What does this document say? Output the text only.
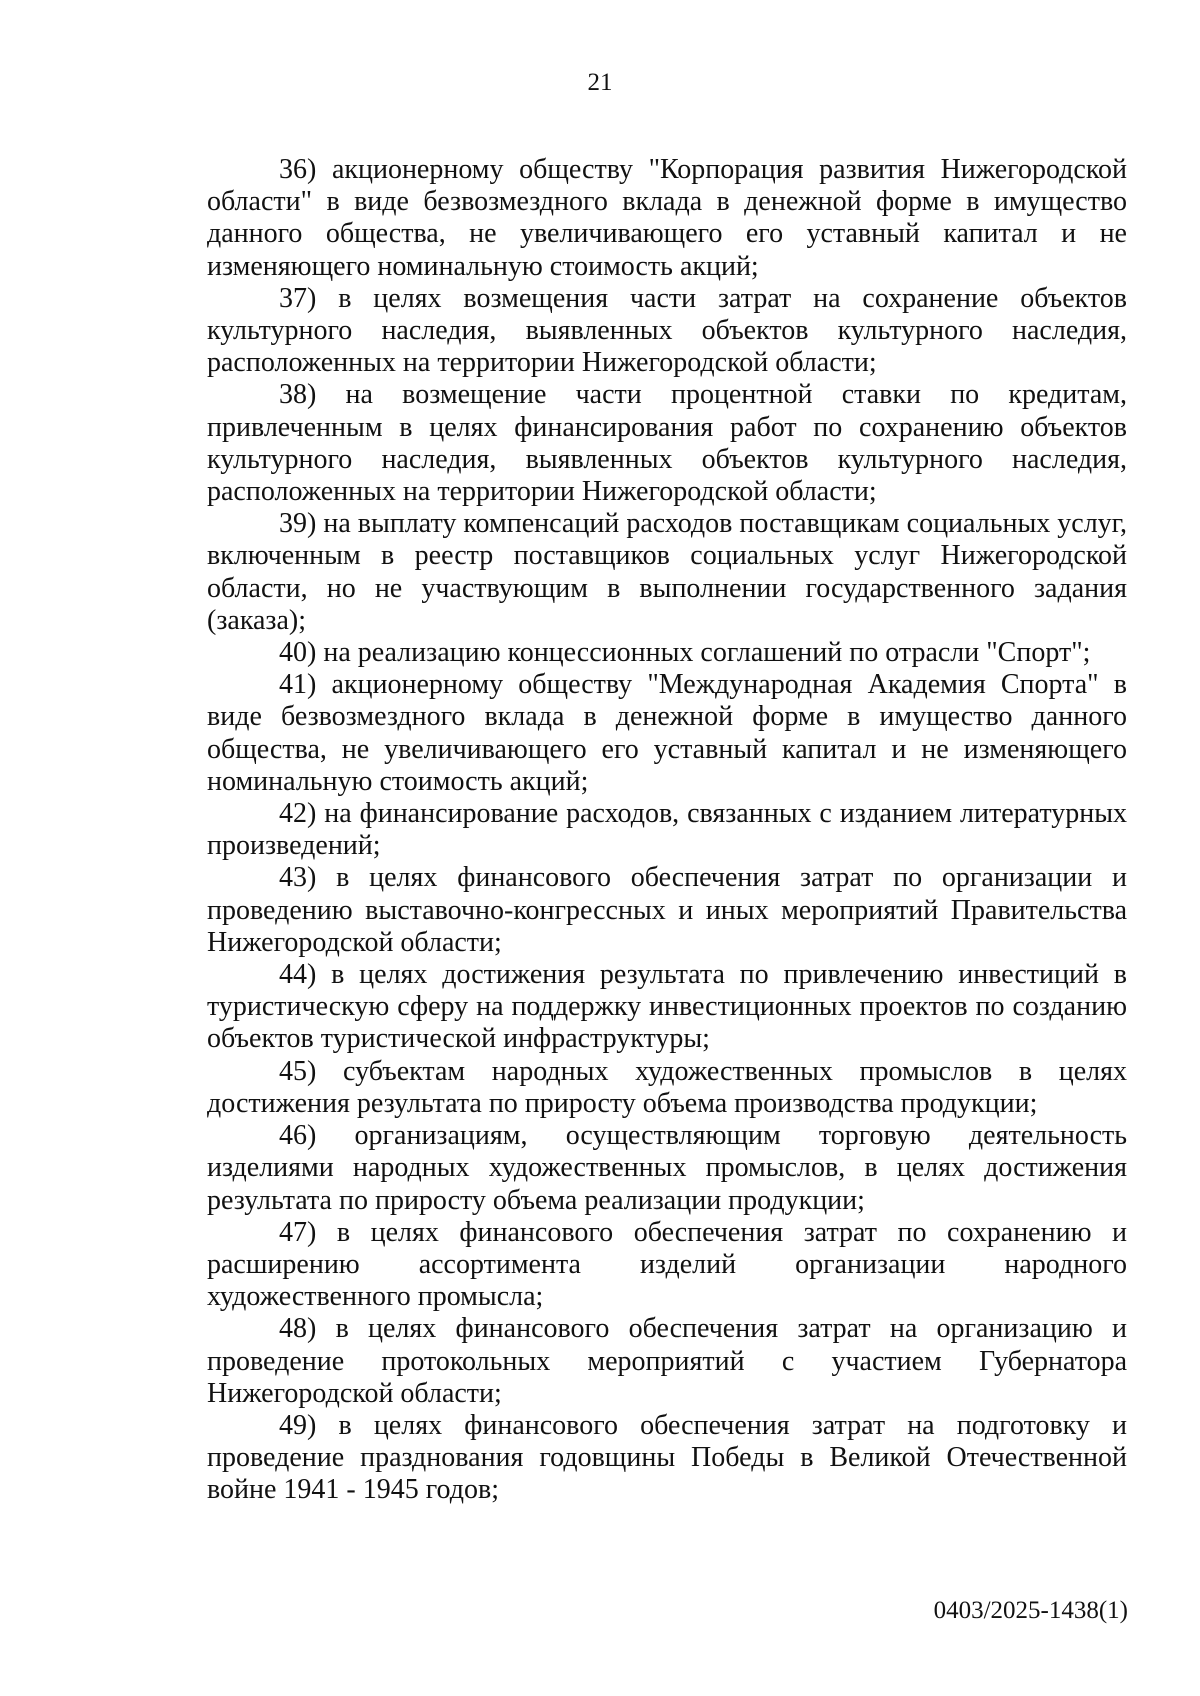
21

36) акционерному обществу "Корпорация развития Нижегородской области" в виде безвозмездного вклада в денежной форме в имущество данного общества, не увеличивающего его уставный капитал и не изменяющего номинальную стоимость акций;

37) в целях возмещения части затрат на сохранение объектов культурного наследия, выявленных объектов культурного наследия, расположенных на территории Нижегородской области;

38) на возмещение части процентной ставки по кредитам, привлеченным в целях финансирования работ по сохранению объектов культурного наследия, выявленных объектов культурного наследия, расположенных на территории Нижегородской области;

39) на выплату компенсаций расходов поставщикам социальных услуг, включенным в реестр поставщиков социальных услуг Нижегородской области, но не участвующим в выполнении государственного задания (заказа);

40) на реализацию концессионных соглашений по отрасли "Спорт";

41) акционерному обществу "Международная Академия Спорта" в виде безвозмездного вклада в денежной форме в имущество данного общества, не увеличивающего его уставный капитал и не изменяющего номинальную стоимость акций;

42) на финансирование расходов, связанных с изданием литературных произведений;

43) в целях финансового обеспечения затрат по организации и проведению выставочно-конгрессных и иных мероприятий Правительства Нижегородской области;

44) в целях достижения результата по привлечению инвестиций в туристическую сферу на поддержку инвестиционных проектов по созданию объектов туристической инфраструктуры;

45) субъектам народных художественных промыслов в целях достижения результата по приросту объема производства продукции;

46) организациям, осуществляющим торговую деятельность изделиями народных художественных промыслов, в целях достижения результата по приросту объема реализации продукции;

47) в целях финансового обеспечения затрат по сохранению и расширению ассортимента изделий организации народного художественного промысла;

48) в целях финансового обеспечения затрат на организацию и проведение протокольных мероприятий с участием Губернатора Нижегородской области;

49) в целях финансового обеспечения затрат на подготовку и проведение празднования годовщины Победы в Великой Отечественной войне 1941 - 1945 годов;

0403/2025-1438(1)
